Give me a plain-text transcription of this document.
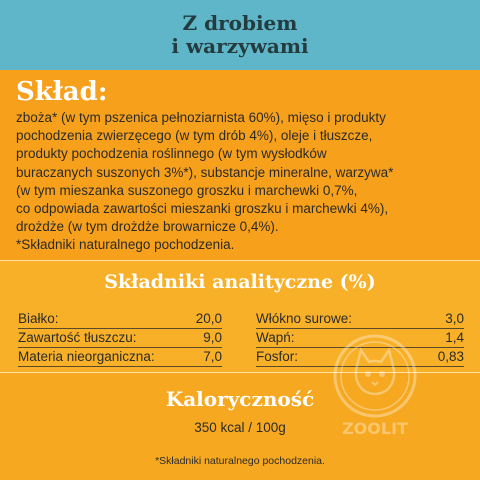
Z drobiem
i warzywami
Skład:

zboża* (w tym pszenica pełnoziarnista 60%), mięso i produkty

pochodzenia zwierzęcego (w tym drób 4%), oleje i tłuszcze,

produkty pochodzenia roślinnego (w tym wysłodków

buraczanych suszonych 3%*), substancje mineralne, warzywa*

(w tym mieszanka suszonego groszku i marchewki 0,7%,

co odpowiada zawartości mieszanki groszku i marchewki 4%),

drożdże (w tym drożdże browarnicze 0,4%).

*Składniki naturalnego pochodzenia.

Składniki analityczne (%)
Białko:	20,0
Zawartość tłuszczu:	9,0
Materia nieorganiczna:	7,0
Włókno surowe:	3,0
Wapń:	1,4
Fosfor:	0,83
ZOOLIT
Kaloryczność
350 kcal / 100g
*Składniki naturalnego pochodzenia.
